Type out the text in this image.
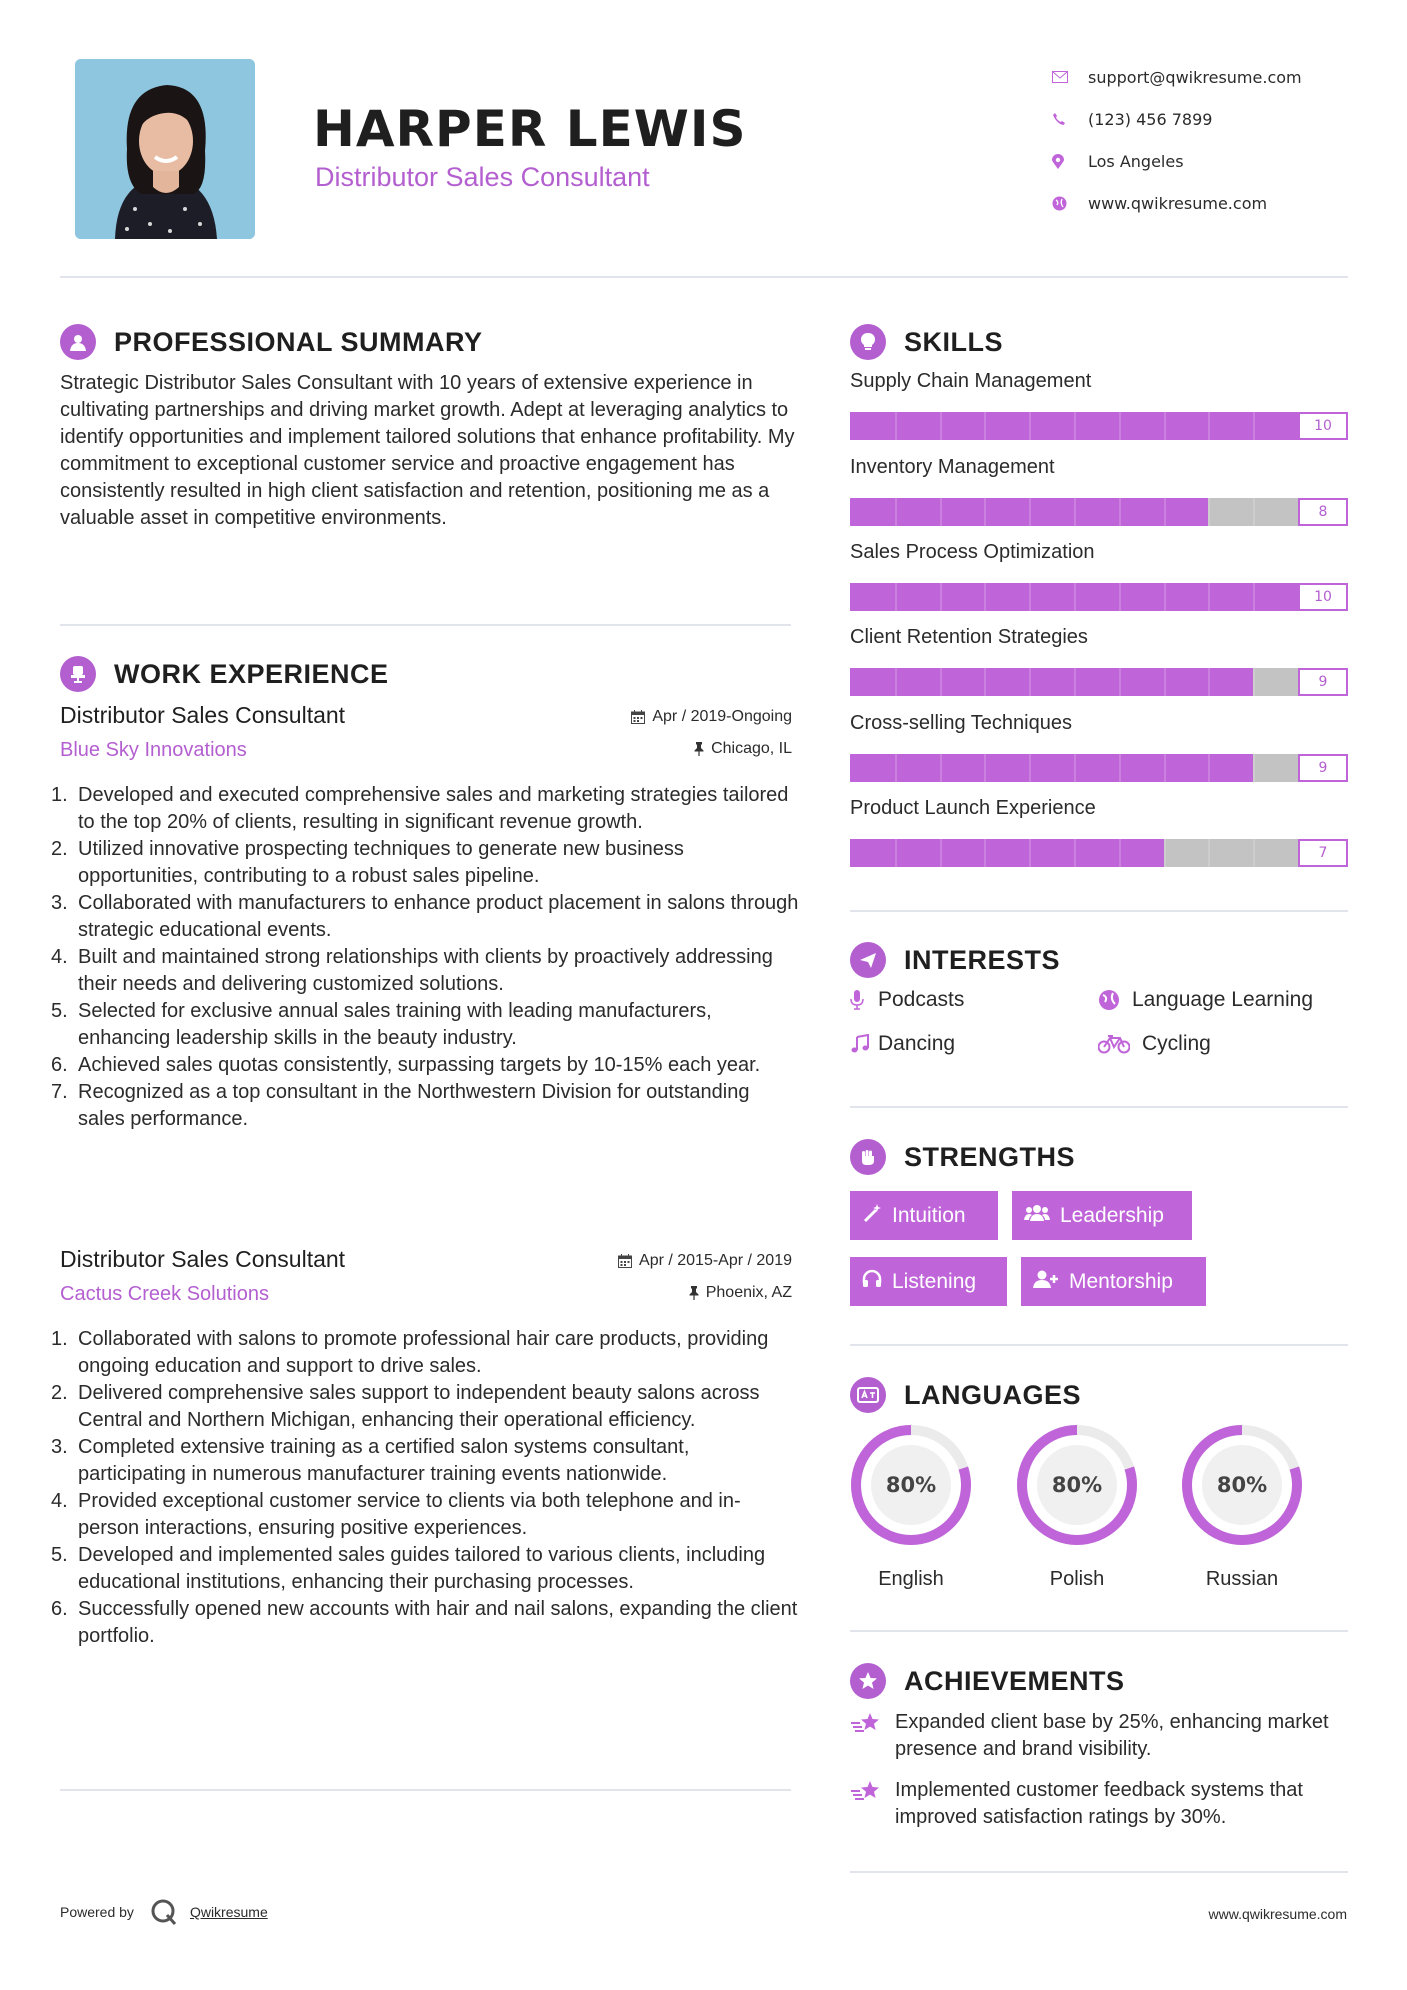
HARPER LEWIS
Distributor Sales Consultant
support@qwikresume.com
(123) 456 7899
Los Angeles
www.qwikresume.com
PROFESSIONAL SUMMARY
Strategic Distributor Sales Consultant with 10 years of extensive experience in cultivating partnerships and driving market growth. Adept at leveraging analytics to identify opportunities and implement tailored solutions that enhance profitability. My commitment to exceptional customer service and proactive engagement has consistently resulted in high client satisfaction and retention, positioning me as a valuable asset in competitive environments.
WORK EXPERIENCE
Distributor Sales Consultant
Blue Sky Innovations
Apr / 2019-Ongoing
Chicago, IL
1. Developed and executed comprehensive sales and marketing strategies tailored to the top 20% of clients, resulting in significant revenue growth.
2. Utilized innovative prospecting techniques to generate new business opportunities, contributing to a robust sales pipeline.
3. Collaborated with manufacturers to enhance product placement in salons through strategic educational events.
4. Built and maintained strong relationships with clients by proactively addressing their needs and delivering customized solutions.
5. Selected for exclusive annual sales training with leading manufacturers, enhancing leadership skills in the beauty industry.
6. Achieved sales quotas consistently, surpassing targets by 10-15% each year.
7. Recognized as a top consultant in the Northwestern Division for outstanding sales performance.
Distributor Sales Consultant
Cactus Creek Solutions
Apr / 2015-Apr / 2019
Phoenix, AZ
1. Collaborated with salons to promote professional hair care products, providing ongoing education and support to drive sales.
2. Delivered comprehensive sales support to independent beauty salons across Central and Northern Michigan, enhancing their operational efficiency.
3. Completed extensive training as a certified salon systems consultant, participating in numerous manufacturer training events nationwide.
4. Provided exceptional customer service to clients via both telephone and in-person interactions, ensuring positive experiences.
5. Developed and implemented sales guides tailored to various clients, including educational institutions, enhancing their purchasing processes.
6. Successfully opened new accounts with hair and nail salons, expanding the client portfolio.
SKILLS
Supply Chain Management
10
Inventory Management
8
Sales Process Optimization
10
Client Retention Strategies
9
Cross-selling Techniques
9
Product Launch Experience
7
INTERESTS
Podcasts	Language Learning
Dancing	Cycling
STRENGTHS
Intuition	Leadership
Listening	Mentorship
LANGUAGES
80%
English
80%
Polish
80%
Russian
ACHIEVEMENTS
Expanded client base by 25%, enhancing market presence and brand visibility.
Implemented customer feedback systems that improved satisfaction ratings by 30%.
Powered by	Qwikresume	www.qwikresume.com
